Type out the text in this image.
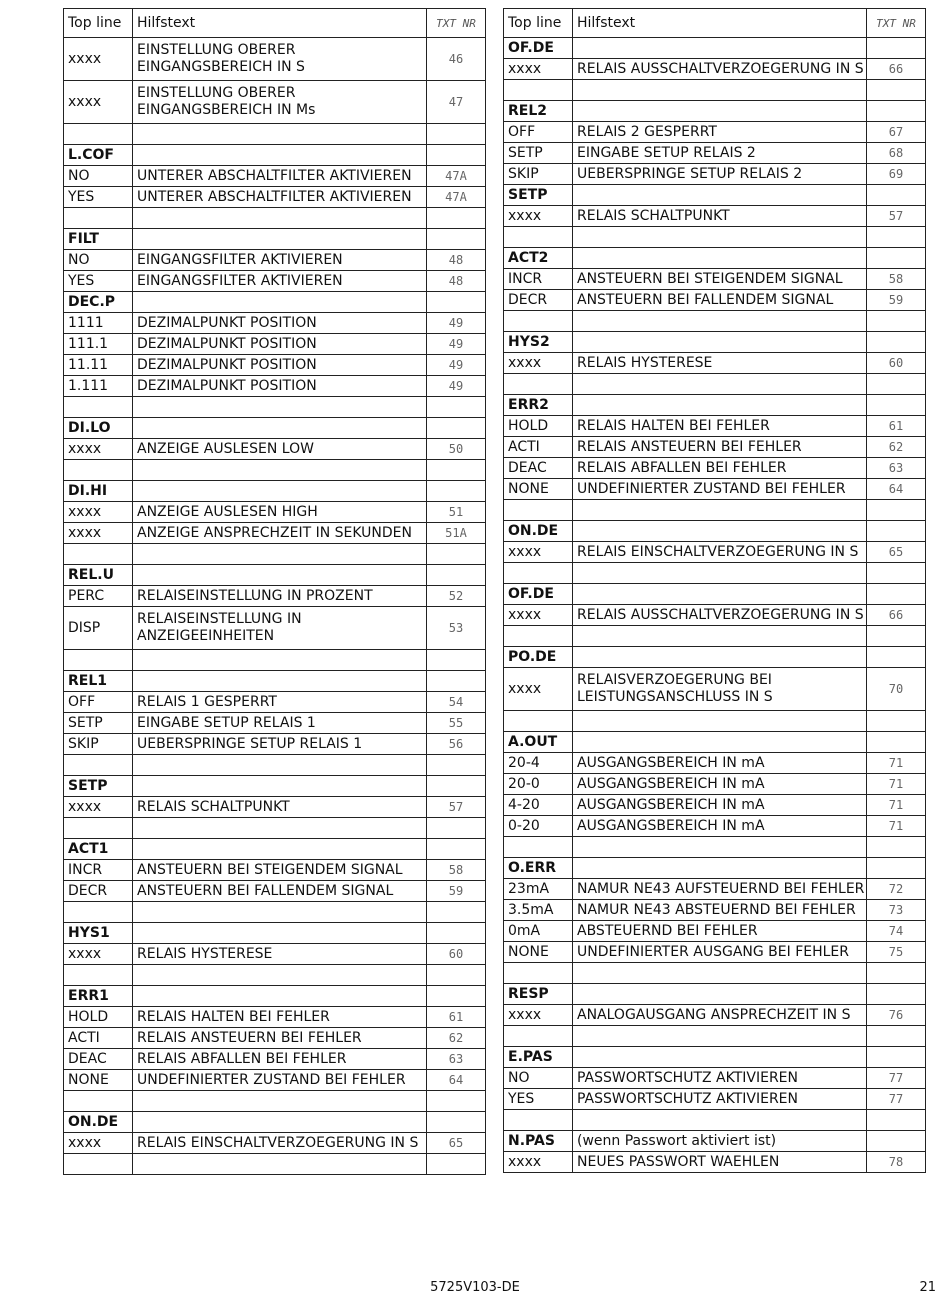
Top line	Hilfstext	TXT NR
xxxx	EINSTELLUNG OBERER EINGANGSBEREICH IN S	46
xxxx	EINSTELLUNG OBERER EINGANGSBEREICH IN Ms	47

L.COF		
NO	UNTERER ABSCHALTFILTER AKTIVIEREN	47A
YES	UNTERER ABSCHALTFILTER AKTIVIEREN	47A

FILT		
NO	EINGANGSFILTER AKTIVIEREN	48
YES	EINGANGSFILTER AKTIVIEREN	48
DEC.P		
1111	DEZIMALPUNKT POSITION	49
111.1	DEZIMALPUNKT POSITION	49
11.11	DEZIMALPUNKT POSITION	49
1.111	DEZIMALPUNKT POSITION	49

DI.LO		
xxxx	ANZEIGE AUSLESEN LOW	50

DI.HI		
xxxx	ANZEIGE AUSLESEN HIGH	51
xxxx	ANZEIGE ANSPRECHZEIT IN SEKUNDEN	51A

REL.U		
PERC	RELAISEINSTELLUNG IN PROZENT	52
DISP	RELAISEINSTELLUNG IN ANZEIGEEINHEITEN	53

REL1		
OFF	RELAIS 1 GESPERRT	54
SETP	EINGABE SETUP RELAIS 1	55
SKIP	UEBERSPRINGE SETUP RELAIS 1	56

SETP		
xxxx	RELAIS SCHALTPUNKT	57

ACT1		
INCR	ANSTEUERN BEI STEIGENDEM SIGNAL	58
DECR	ANSTEUERN BEI FALLENDEM SIGNAL	59

HYS1		
xxxx	RELAIS HYSTERESE	60

ERR1		
HOLD	RELAIS HALTEN BEI FEHLER	61
ACTI	RELAIS ANSTEUERN BEI FEHLER	62
DEAC	RELAIS ABFALLEN BEI FEHLER	63
NONE	UNDEFINIERTER ZUSTAND BEI FEHLER	64

ON.DE		
xxxx	RELAIS EINSCHALTVERZOEGERUNG IN S	65

Top line	Hilfstext	TXT NR
OF.DE		
xxxx	RELAIS AUSSCHALTVERZOEGERUNG IN S	66

REL2		
OFF	RELAIS 2 GESPERRT	67
SETP	EINGABE SETUP RELAIS 2	68
SKIP	UEBERSPRINGE SETUP RELAIS 2	69
SETP		
xxxx	RELAIS SCHALTPUNKT	57

ACT2		
INCR	ANSTEUERN BEI STEIGENDEM SIGNAL	58
DECR	ANSTEUERN BEI FALLENDEM SIGNAL	59

HYS2		
xxxx	RELAIS HYSTERESE	60

ERR2		
HOLD	RELAIS HALTEN BEI FEHLER	61
ACTI	RELAIS ANSTEUERN BEI FEHLER	62
DEAC	RELAIS ABFALLEN BEI FEHLER	63
NONE	UNDEFINIERTER ZUSTAND BEI FEHLER	64

ON.DE		
xxxx	RELAIS EINSCHALTVERZOEGERUNG IN S	65

OF.DE		
xxxx	RELAIS AUSSCHALTVERZOEGERUNG IN S	66

PO.DE		
xxxx	RELAISVERZOEGERUNG BEI LEISTUNGSANSCHLUSS IN S	70

A.OUT		
20-4	AUSGANGSBEREICH IN mA	71
20-0	AUSGANGSBEREICH IN mA	71
4-20	AUSGANGSBEREICH IN mA	71
0-20	AUSGANGSBEREICH IN mA	71

O.ERR		
23mA	NAMUR NE43 AUFSTEUERND BEI FEHLER	72
3.5mA	NAMUR NE43 ABSTEUERND BEI FEHLER	73
0mA	ABSTEUERND BEI FEHLER	74
NONE	UNDEFINIERTER AUSGANG BEI FEHLER	75

RESP		
xxxx	ANALOGAUSGANG ANSPRECHZEIT IN S	76

E.PAS		
NO	PASSWORTSCHUTZ AKTIVIEREN	77
YES	PASSWORTSCHUTZ AKTIVIEREN	77

N.PAS	(wenn Passwort aktiviert ist)	
xxxx	NEUES PASSWORT WAEHLEN	78
5725V103-DE	21
